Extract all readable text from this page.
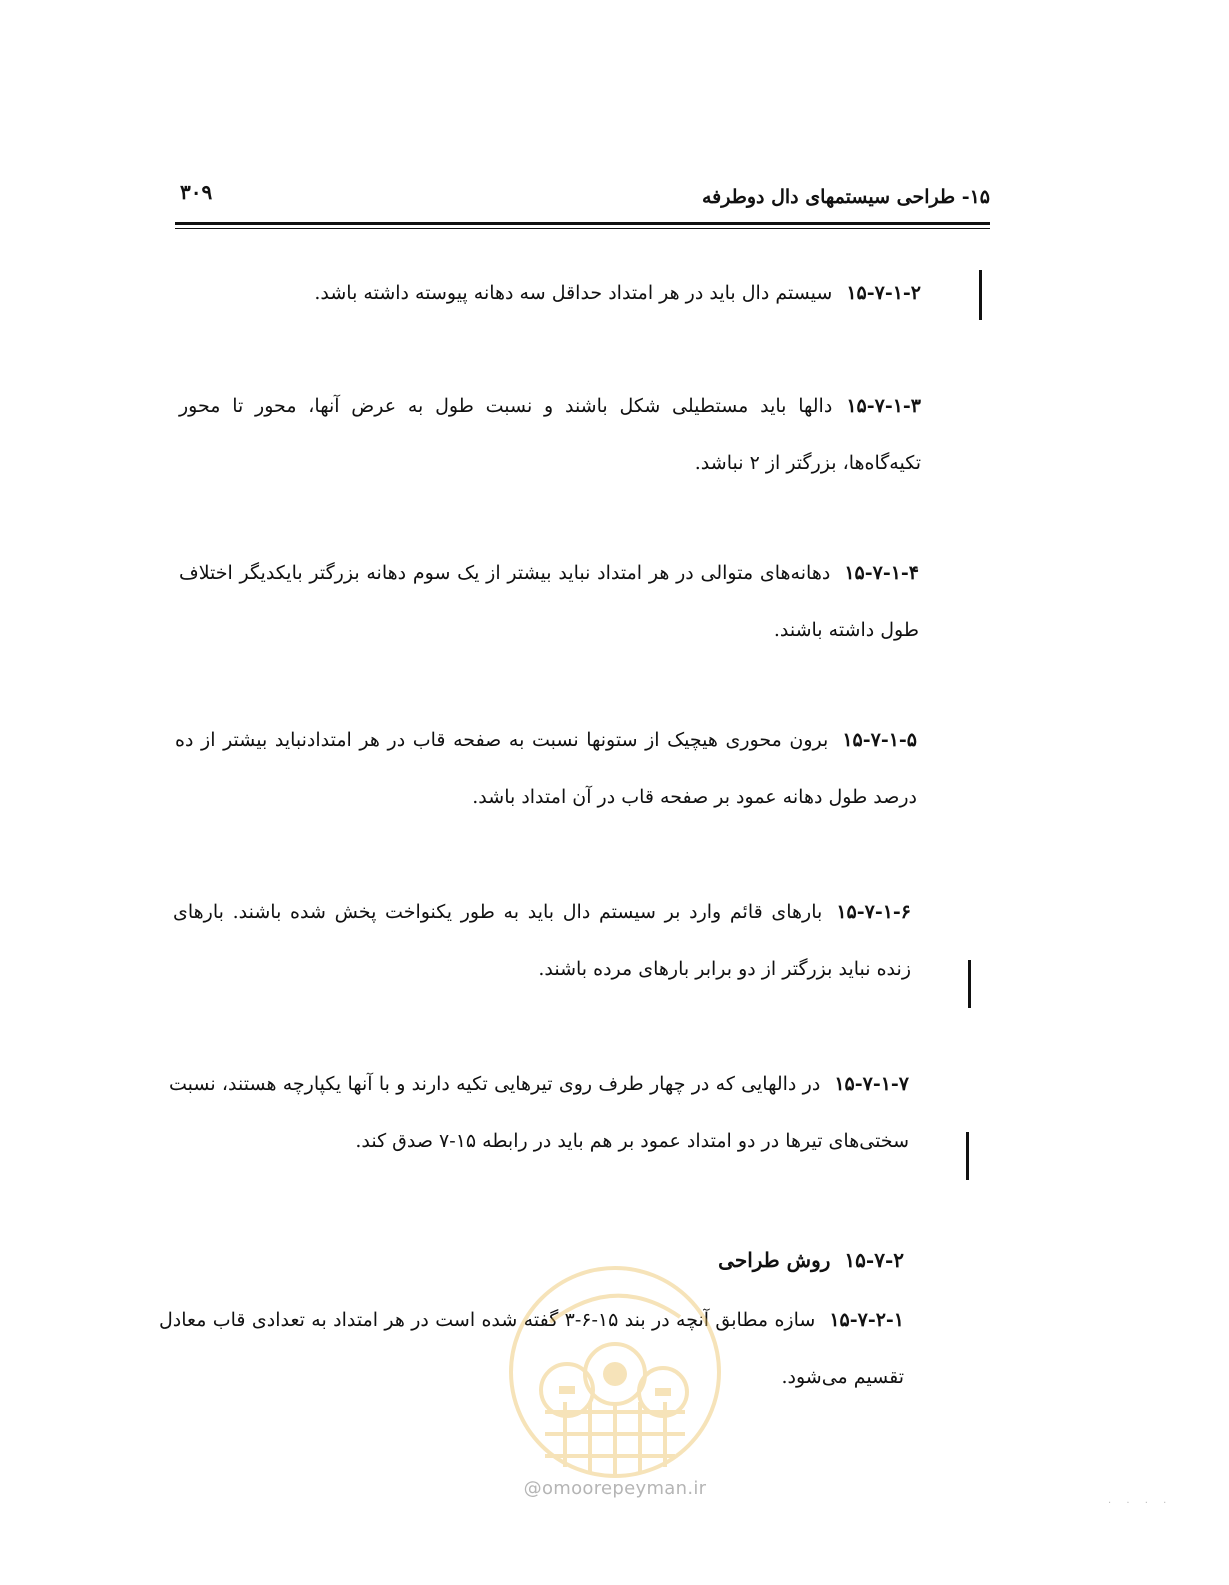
۱۵- طراحی سیستمهای دال دوطرفه
۳۰۹

۱۵-۷-۱-۲سیستم دال باید در هر امتداد حداقل سه دهانه پیوسته داشته باشد.

۱۵-۷-۱-۳دالها باید مستطیلی شکل باشند و نسبت طول به عرض آنها، محور تا محور تکیه‌گاه‌ها، بزرگتر از ۲ نباشد.

۱۵-۷-۱-۴دهانه‌های متوالی در هر امتداد نباید بیشتر از یک سوم دهانه بزرگتر بایکدیگر اختلاف طول داشته باشند.

۱۵-۷-۱-۵برون محوری هیچیک از ستونها نسبت به صفحه قاب در هر امتدادنباید بیشتر از ده درصد طول دهانه عمود بر صفحه قاب در آن امتداد باشد.

۱۵-۷-۱-۶بارهای قائم وارد بر سیستم دال باید به طور یکنواخت پخش شده باشند. بارهای زنده نباید بزرگتر از دو برابر بارهای مرده باشند.

۱۵-۷-۱-۷در دالهایی که در چهار طرف روی تیرهایی تکیه دارند و با آنها یکپارچه هستند، نسبت سختی‌های تیرها در دو امتداد عمود بر هم باید در رابطه ۱۵-۷ صدق کند.

۱۵-۷-۲روش طراحی

۱۵-۷-۲-۱سازه مطابق آنچه در بند ۱۵-۶-۳ گفته شده است در هر امتداد به تعدادی قاب معادل تقسیم می‌شود.

@omoorepeyman.ir
· · · ·
